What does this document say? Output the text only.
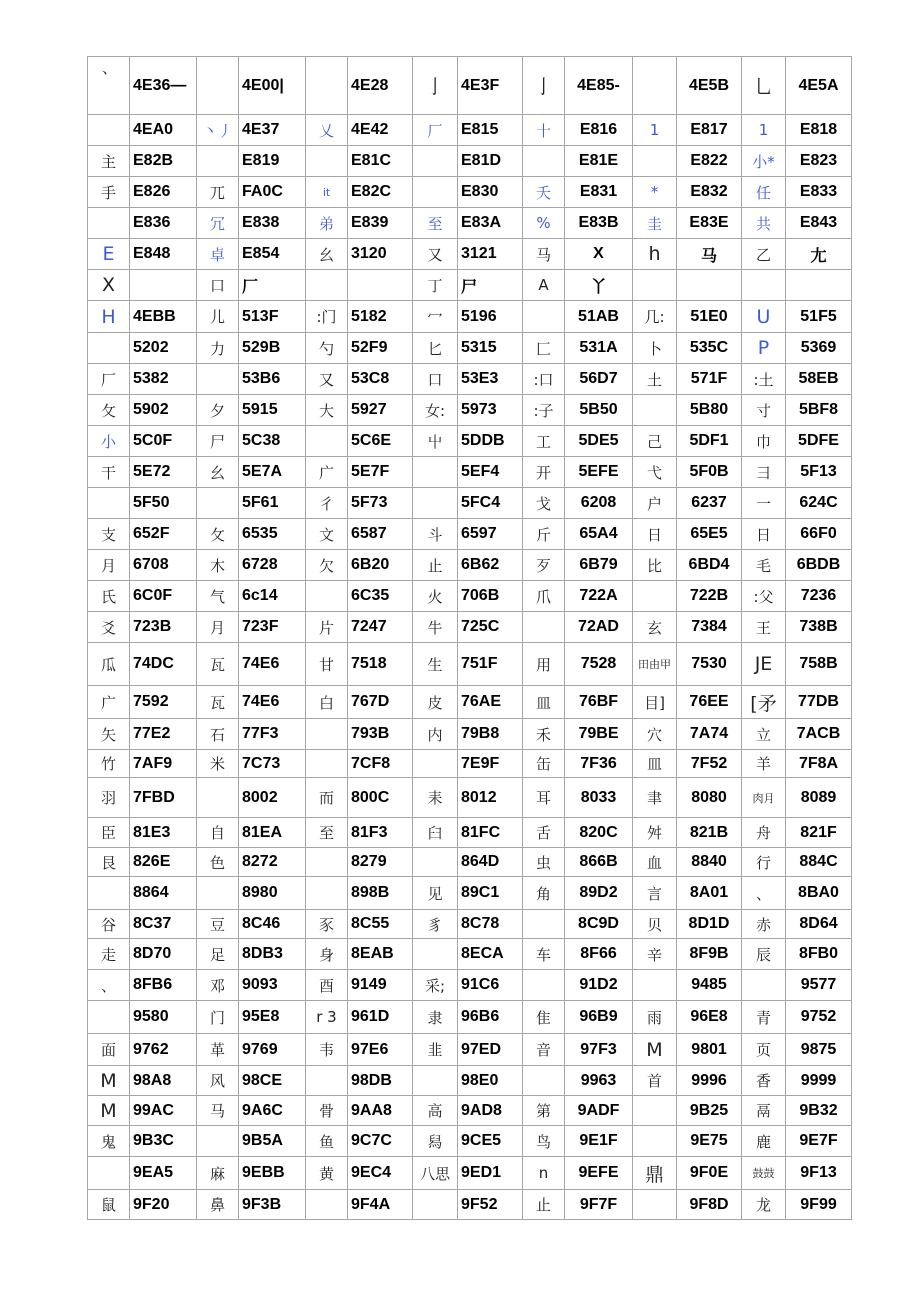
、	4E36—		4E00|		4E28	亅	4E3F	亅	4E85-		4E5B	乚	4E5A
	4EA0	丶丿	4E37	乂	4E42	厂	E815	十	E816	1	E817	1	E818
主	E82B		E819		E81C		E81D		E81E		E822	小*	E823
手	E826	兀	FA0C	it	E82C		E830	夭	E831	*	E832	任	E833
	E836	冗	E838	弟	E839	至	E83A	%	E83B	圭	E83E	共	E843
E	E848	卓	E854	幺	3120	又	3121	马	X	h	马	乙	尢
X		口	厂			丁	尸	A	丫				
H	4EBB	儿	513F	:门	5182	冖	5196		51AB	几:	51E0	U	51F5
	5202	力	529B	勺	52F9	匕	5315	匚	531A	卜	535C	P	5369
厂	5382		53B6	又	53C8	口	53E3	:口	56D7	土	571F	:土	58EB
攵	5902	夕	5915	大	5927	女:	5973	:子	5B50		5B80	寸	5BF8
小	5C0F	尸	5C38		5C6E	屮	5DDB	工	5DE5	己	5DF1	巾	5DFE
干	5E72	幺	5E7A	广	5E7F		5EF4	开	5EFE	弋	5F0B	彐	5F13
	5F50		5F61	彳	5F73		5FC4	戈	6208	户	6237	一	624C
支	652F	攵	6535	文	6587	斗	6597	斤	65A4	日	65E5	日	66F0
月	6708	木	6728	欠	6B20	止	6B62	歹	6B79	比	6BD4	毛	6BDB
氏	6C0F	气	6c14		6C35	火	706B	爪	722A		722B	:父	7236
爻	723B	月	723F	片	7247	牛	725C		72AD	玄	7384	王	738B
瓜	74DC	瓦	74E6	甘	7518	生	751F	用	7528	田由甲	7530	JE	758B
广	7592	瓦	74E6	白	767D	皮	76AE	皿	76BF	目]	76EE	[矛	77DB
矢	77E2	石	77F3		793B	内	79B8	禾	79BE	穴	7A74	立	7ACB
竹	7AF9	米	7C73		7CF8		7E9F	缶	7F36	皿	7F52	羊	7F8A
羽	7FBD		8002	而	800C	耒	8012	耳	8033	聿	8080	肉月	8089
臣	81E3	自	81EA	至	81F3	臼	81FC	舌	820C	舛	821B	舟	821F
艮	826E	色	8272		8279		864D	虫	866B	血	8840	行	884C
	8864		8980		898B	见	89C1	角	89D2	言	8A01	、	8BA0
谷	8C37	豆	8C46	豕	8C55	豸	8C78		8C9D	贝	8D1D	赤	8D64
走	8D70	足	8DB3	身	8EAB		8ECA	车	8F66	辛	8F9B	辰	8FB0
、	8FB6	邓	9093	酉	9149	采;	91C6		91D2		9485		9577
	9580	门	95E8	r 3	961D	隶	96B6	隹	96B9	雨	96E8	青	9752
面	9762	革	9769	韦	97E6	韭	97ED	音	97F3	M	9801	页	9875
M	98A8	风	98CE		98DB		98E0		9963	首	9996	香	9999
M	99AC	马	9A6C	骨	9AA8	高	9AD8	第	9ADF		9B25	鬲	9B32
鬼	9B3C		9B5A	鱼	9C7C	舄	9CE5	鸟	9E1F		9E75	鹿	9E7F
	9EA5	麻	9EBB	黄	9EC4	八思	9ED1	n	9EFE	鼎	9F0E	鼓鼓	9F13
鼠	9F20	鼻	9F3B		9F4A		9F52	止	9F7F		9F8D	龙	9F99
